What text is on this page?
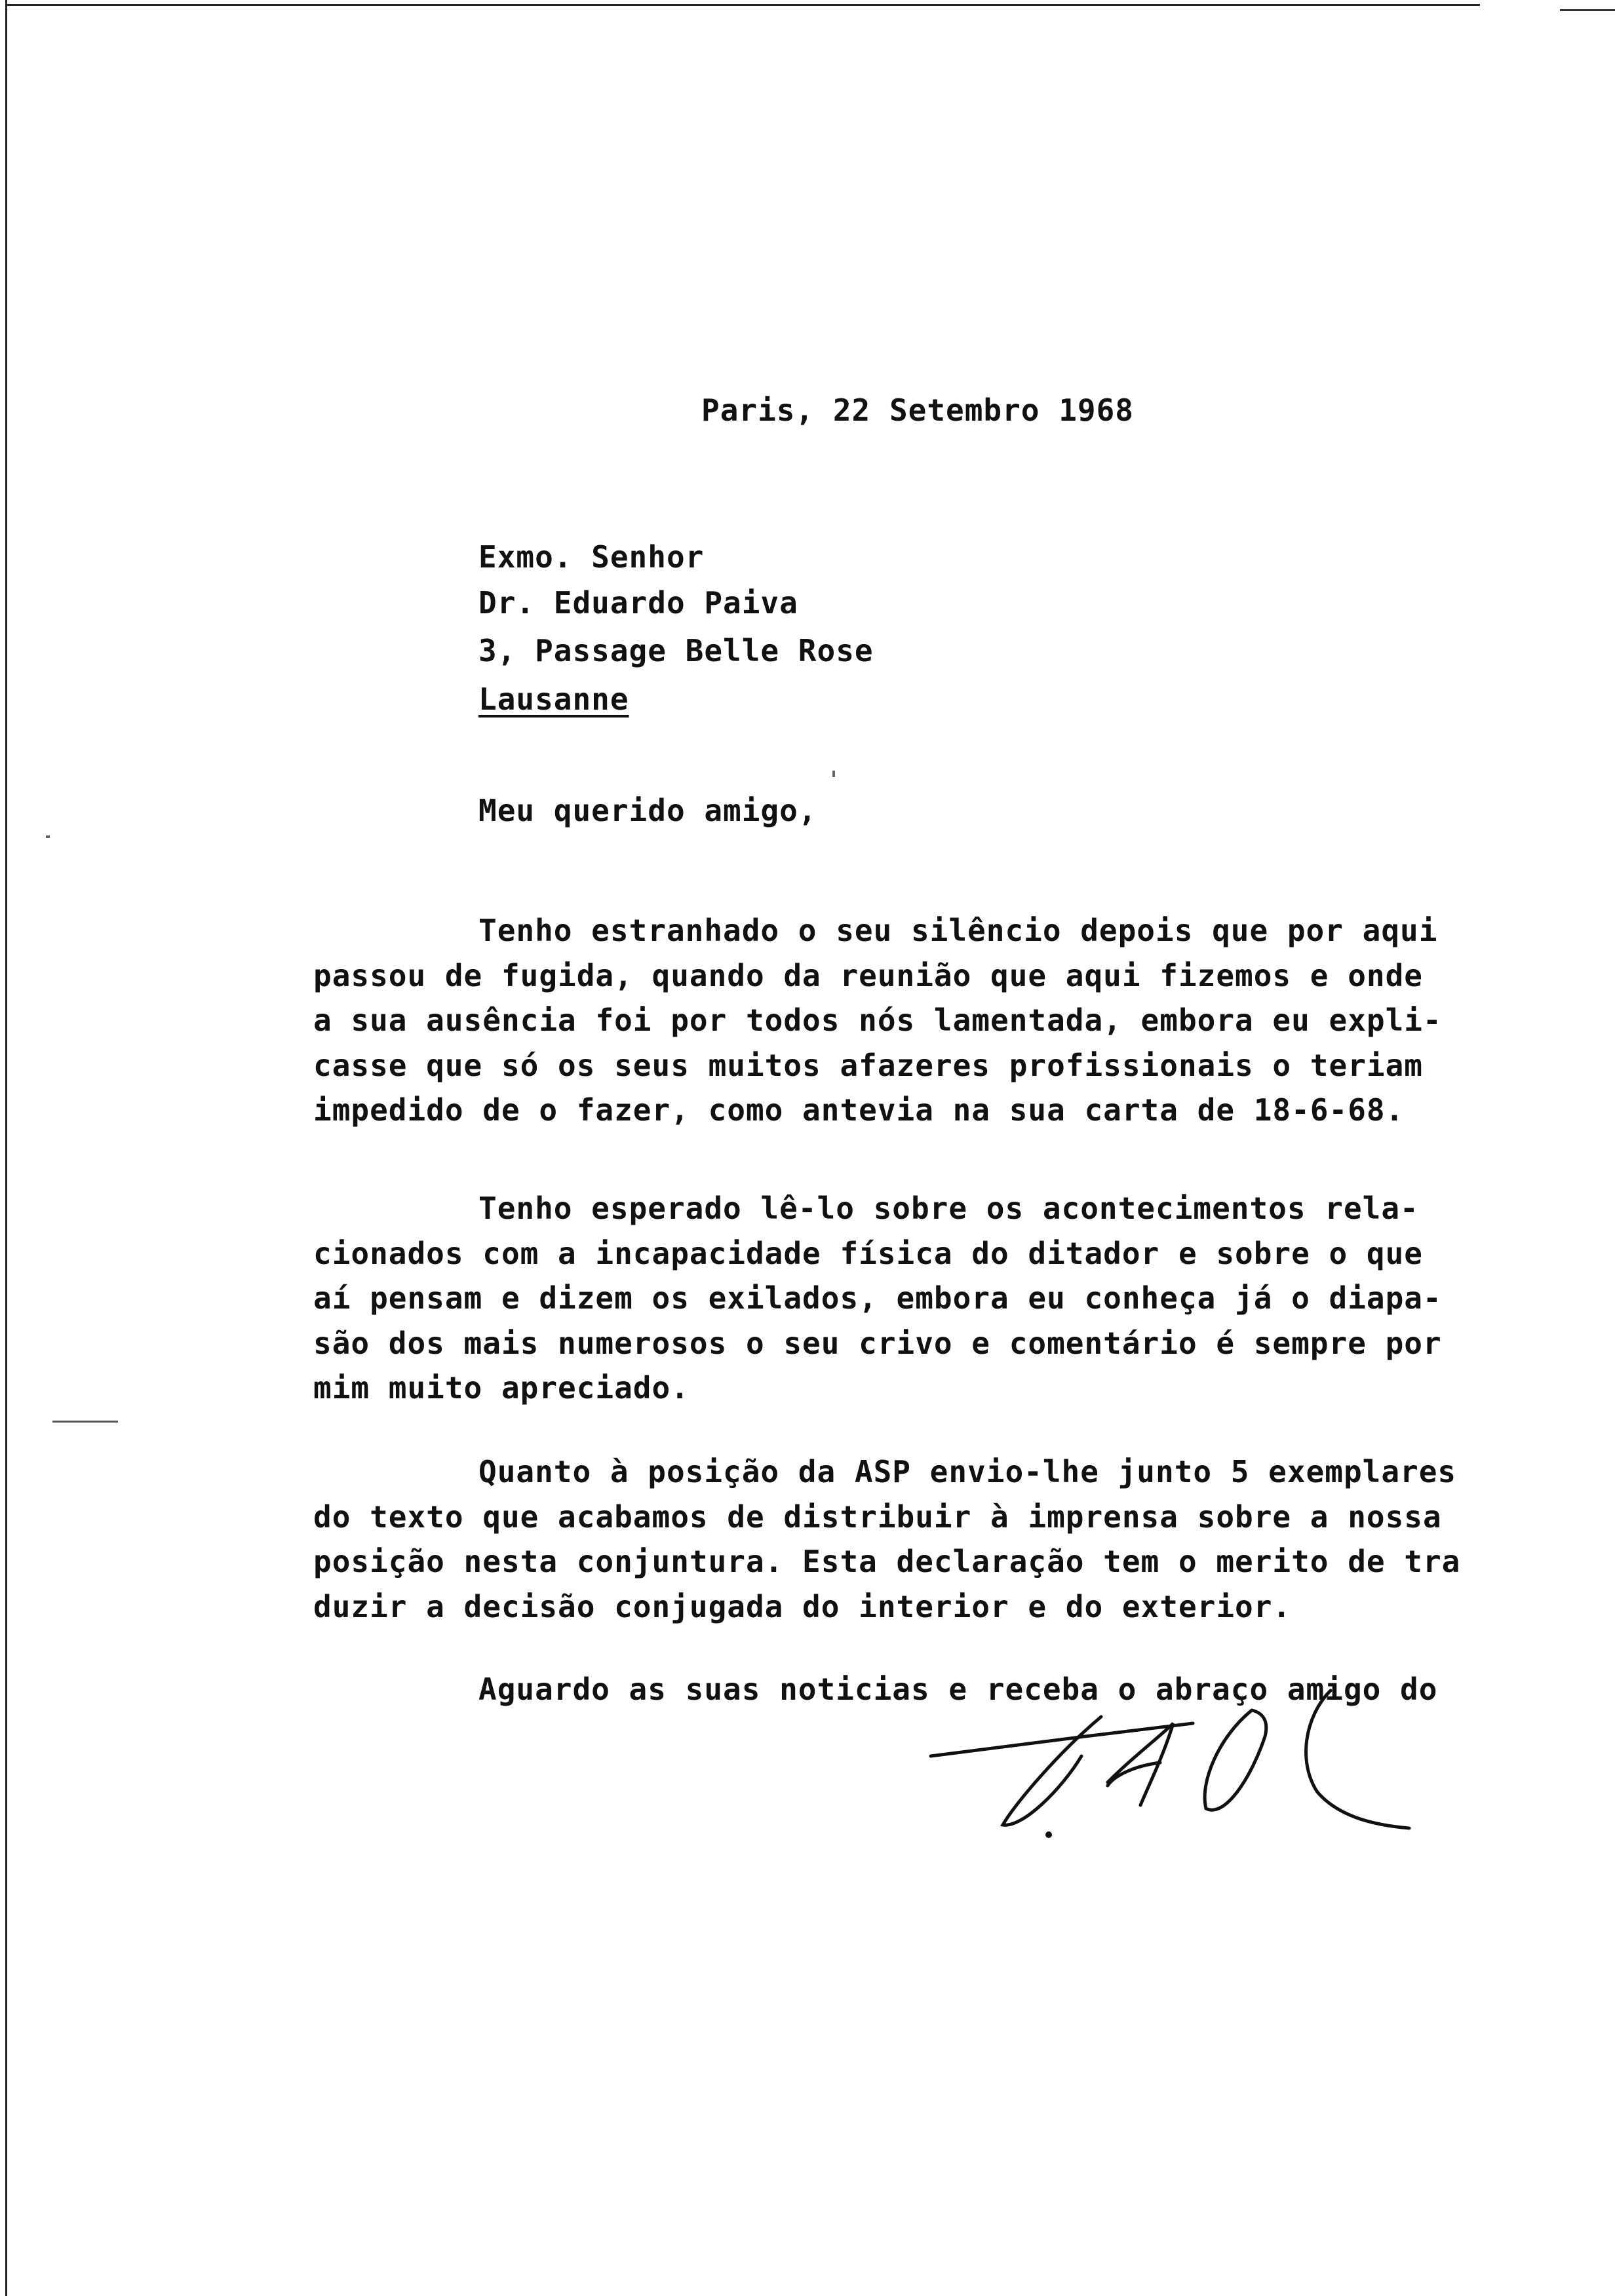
Paris, 22 Setembro 1968
Exmo. Senhor
Dr. Eduardo Paiva
3, Passage Belle Rose
Lausanne
Meu querido amigo,
Tenho estranhado o seu silêncio depois que por aqui
passou de fugida, quando da reunião que aqui fizemos e onde
a sua ausência foi por todos nós lamentada, embora eu expli-
casse que só os seus muitos afazeres profissionais o teriam
impedido de o fazer, como antevia na sua carta de 18-6-68.
Tenho esperado lê-lo sobre os acontecimentos rela-
cionados com a incapacidade física do ditador e sobre o que
aí pensam e dizem os exilados, embora eu conheça já o diapa-
são dos mais numerosos o seu crivo e comentário é sempre por
mim muito apreciado.
Quanto à posição da ASP envio-lhe junto 5 exemplares
do texto que acabamos de distribuir à imprensa sobre a nossa
posição nesta conjuntura. Esta declaração tem o merito de tra
duzir a decisão conjugada do interior e do exterior.
Aguardo as suas noticias e receba o abraço amigo do
